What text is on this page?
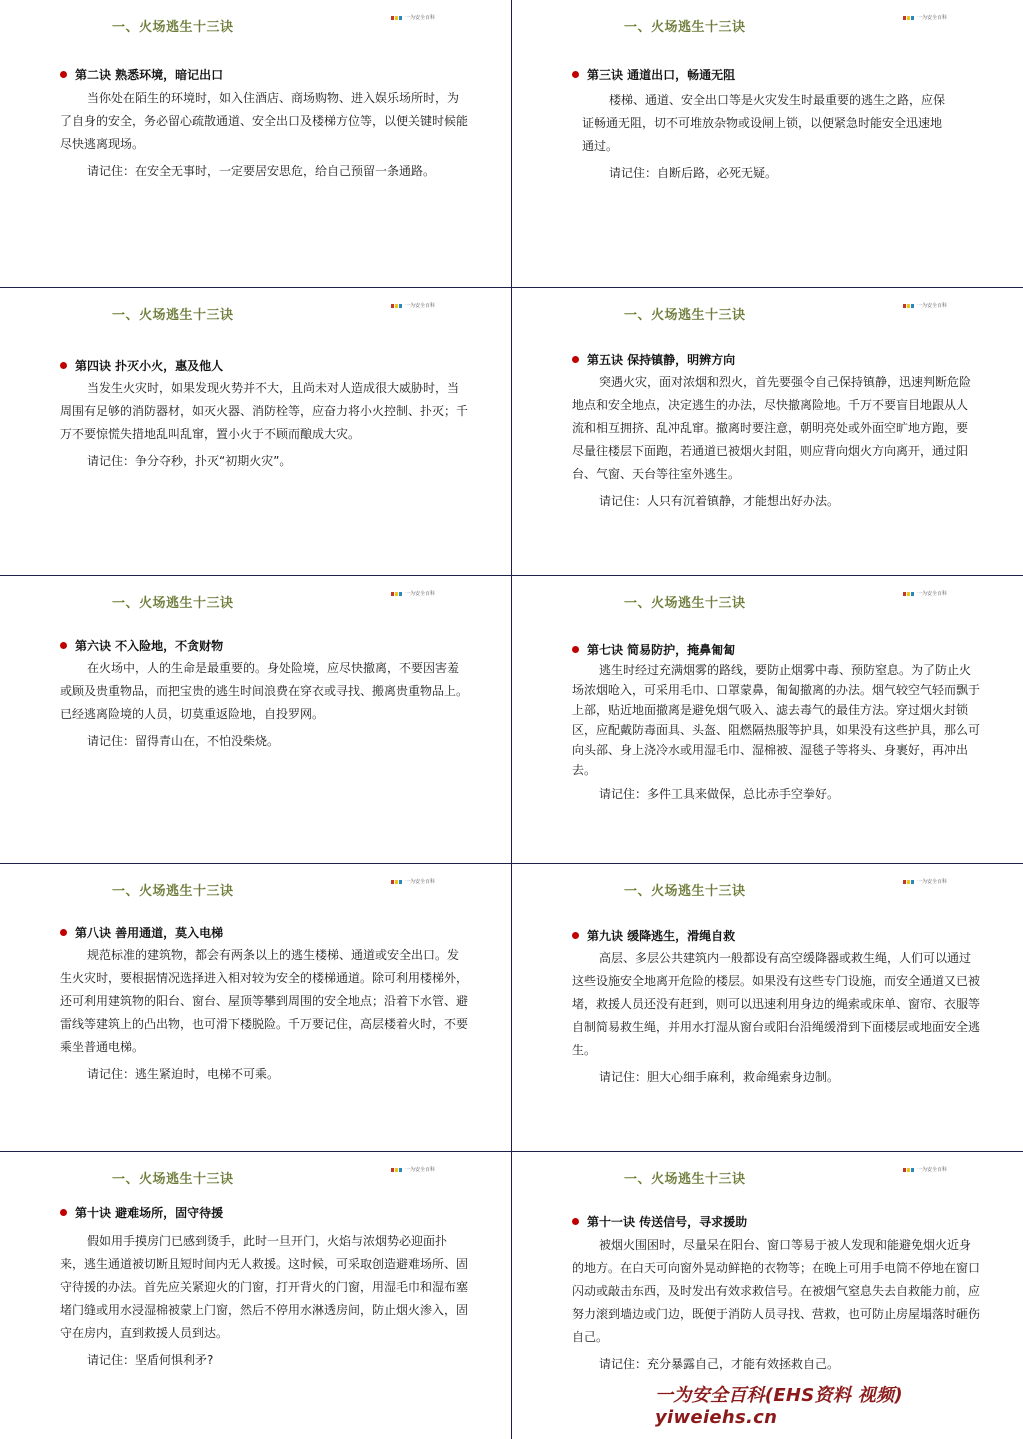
一、火场逃生十三诀
一为安全百科
第二诀 熟悉环境，暗记出口

当你处在陌生的环境时，如入住酒店、商场购物、进入娱乐场所时，为了自身的安全，务必留心疏散通道、安全出口及楼梯方位等，以便关键时候能尽快逃离现场。

请记住：在安全无事时，一定要居安思危，给自己预留一条通路。

一、火场逃生十三诀
一为安全百科
第三诀 通道出口，畅通无阻

楼梯、通道、安全出口等是火灾发生时最重要的逃生之路，应保证畅通无阻，切不可堆放杂物或设闸上锁，以便紧急时能安全迅速地通过。

请记住：自断后路，必死无疑。

一、火场逃生十三诀
一为安全百科
第四诀 扑灭小火，惠及他人

当发生火灾时，如果发现火势并不大，且尚未对人造成很大威胁时，当周围有足够的消防器材，如灭火器、消防栓等，应奋力将小火控制、扑灭；千万不要惊慌失措地乱叫乱窜，置小火于不顾而酿成大灾。

请记住：争分夺秒，扑灭“初期火灾”。

一、火场逃生十三诀
一为安全百科
第五诀 保持镇静，明辨方向

突遇火灾，面对浓烟和烈火，首先要强令自己保持镇静，迅速判断危险地点和安全地点，决定逃生的办法，尽快撤离险地。千万不要盲目地跟从人流和相互拥挤、乱冲乱窜。撤离时要注意，朝明亮处或外面空旷地方跑，要尽量往楼层下面跑，若通道已被烟火封阻，则应背向烟火方向离开，通过阳台、气窗、天台等往室外逃生。

请记住：人只有沉着镇静，才能想出好办法。

一、火场逃生十三诀
一为安全百科
第六诀 不入险地，不贪财物

在火场中，人的生命是最重要的。身处险境，应尽快撤离，不要因害羞或顾及贵重物品，而把宝贵的逃生时间浪费在穿衣或寻找、搬离贵重物品上。已经逃离险境的人员，切莫重返险地，自投罗网。

请记住：留得青山在，不怕没柴烧。

一、火场逃生十三诀
一为安全百科
第七诀 简易防护，掩鼻匍匐

逃生时经过充满烟雾的路线，要防止烟雾中毒、预防窒息。为了防止火场浓烟呛入，可采用毛巾、口罩蒙鼻，匍匐撤离的办法。烟气较空气轻而飘于上部，贴近地面撤离是避免烟气吸入、滤去毒气的最佳方法。穿过烟火封锁区，应配戴防毒面具、头盔、阻燃隔热服等护具，如果没有这些护具，那么可向头部、身上浇冷水或用湿毛巾、湿棉被、湿毯子等将头、身裹好，再冲出去。

请记住：多件工具来做保，总比赤手空拳好。

一、火场逃生十三诀
一为安全百科
第八诀 善用通道，莫入电梯

规范标准的建筑物，都会有两条以上的逃生楼梯、通道或安全出口。发生火灾时，要根据情况选择进入相对较为安全的楼梯通道。除可利用楼梯外，还可利用建筑物的阳台、窗台、屋顶等攀到周围的安全地点；沿着下水管、避雷线等建筑上的凸出物，也可滑下楼脱险。千万要记住，高层楼着火时，不要乘坐普通电梯。

请记住：逃生紧迫时，电梯不可乘。

一、火场逃生十三诀
一为安全百科
第九诀 缓降逃生，滑绳自救

高层、多层公共建筑内一般都设有高空缓降器或救生绳，人们可以通过这些设施安全地离开危险的楼层。如果没有这些专门设施，而安全通道又已被堵，救援人员还没有赶到，则可以迅速利用身边的绳索或床单、窗帘、衣服等自制简易救生绳，并用水打湿从窗台或阳台沿绳缓滑到下面楼层或地面安全逃生。

请记住：胆大心细手麻利，救命绳索身边制。

一、火场逃生十三诀
一为安全百科
第十诀 避难场所，固守待援

假如用手摸房门已感到烫手，此时一旦开门，火焰与浓烟势必迎面扑来，逃生通道被切断且短时间内无人救援。这时候，可采取创造避难场所、固守待援的办法。首先应关紧迎火的门窗，打开背火的门窗，用湿毛巾和湿布塞堵门缝或用水浸湿棉被蒙上门窗，然后不停用水淋透房间，防止烟火渗入，固守在房内，直到救援人员到达。

请记住：坚盾何惧利矛?

一、火场逃生十三诀
一为安全百科
第十一诀 传送信号，寻求援助

被烟火围困时，尽量呆在阳台、窗口等易于被人发现和能避免烟火近身的地方。在白天可向窗外晃动鲜艳的衣物等；在晚上可用手电筒不停地在窗口闪动或敲击东西，及时发出有效求救信号。在被烟气窒息失去自救能力前，应努力滚到墙边或门边，既便于消防人员寻找、营救，也可防止房屋塌落时砸伤自己。

请记住：充分暴露自己，才能有效拯救自己。

一为安全百科(EHS资料 视频) yiweiehs.cn
